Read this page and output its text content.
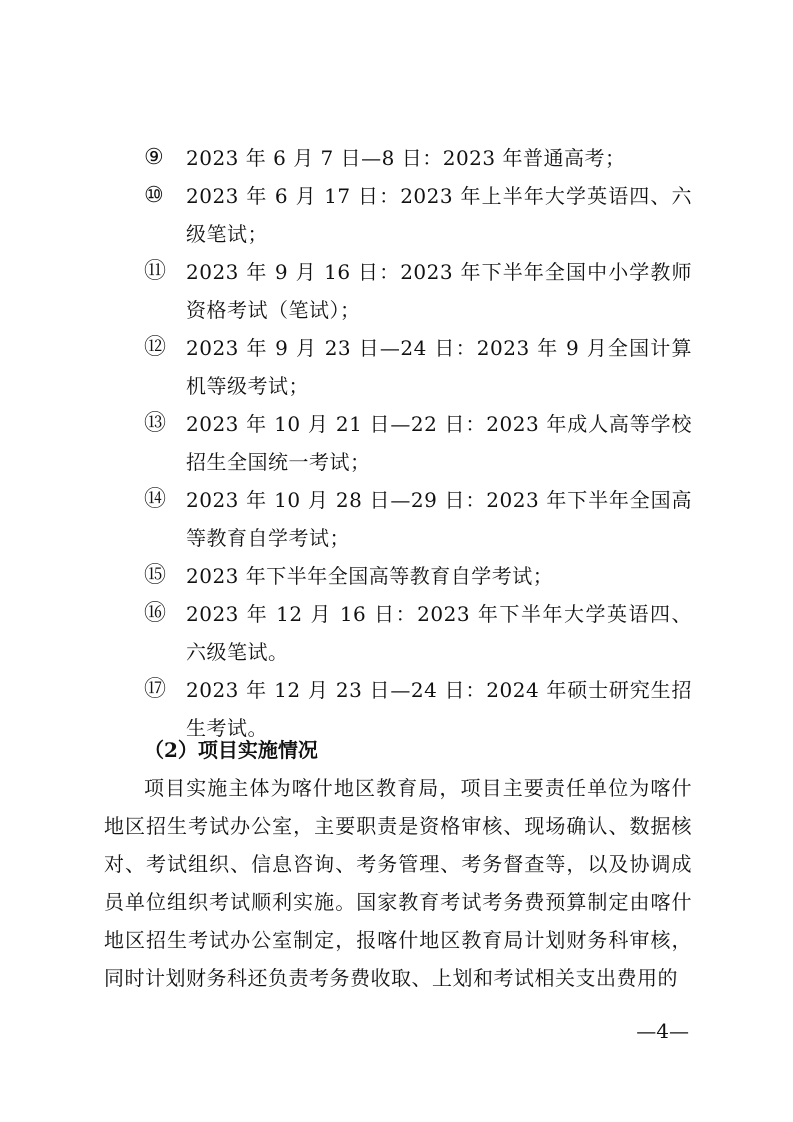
⑨	2023 年 6 月 7 日—8 日：2023 年普通高考；
⑩	2023 年 6 月 17 日：2023 年上半年大学英语四、六级笔试；
⑪ 2023 年 9 月 16 日：2023 年下半年全国中小学教师资格考试（笔试）；
⑫ 2023 年 9 月 23 日—24 日：2023 年 9 月全国计算机等级考试；
⑬ 2023 年 10 月 21 日—22 日：2023 年成人高等学校招生全国统一考试；
⑭ 2023 年 10 月 28 日—29 日：2023 年下半年全国高等教育自学考试；
⑮ 2023 年下半年全国高等教育自学考试；
⑯ 2023 年 12 月 16 日：2023 年下半年大学英语四、六级笔试。
⑰ 2023 年 12 月 23 日—24 日：2024 年硕士研究生招生考试。
（2）项目实施情况
项目实施主体为喀什地区教育局，项目主要责任单位为喀什地区招生考试办公室，主要职责是资格审核、现场确认、数据核对、考试组织、信息咨询、考务管理、考务督查等，以及协调成员单位组织考试顺利实施。国家教育考试考务费预算制定由喀什地区招生考试办公室制定，报喀什地区教育局计划财务科审核，同时计划财务科还负责考务费收取、上划和考试相关支出费用的
—4—
